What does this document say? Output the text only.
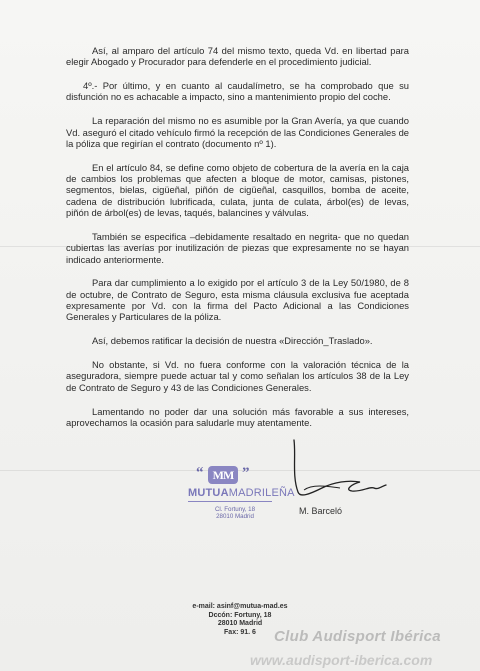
Así, al amparo del artículo 74 del mismo texto, queda Vd. en libertad para elegir Abogado y Procurador para defenderle en el procedimiento judicial.

4º.- Por último, y en cuanto al caudalímetro, se ha comprobado que su disfunción no es achacable a impacto, sino a mantenimiento propio del coche.

La reparación del mismo no es asumible por la Gran Avería, ya que cuando Vd. aseguró el citado vehículo firmó la recepción de las Condiciones Generales de la póliza que regirían el contrato (documento nº 1).

En el artículo 84, se define como objeto de cobertura de la avería en la caja de cambios los problemas que afecten a bloque de motor, camisas, pistones, segmentos, bielas, cigüeñal, piñón de cigüeñal, casquillos, bomba de aceite, cadena de distribución lubrificada, culata, junta de culata, árbol(es) de levas, piñón de árbol(es) de levas, taqués, balancines y válvulas.

También se especifica –debidamente resaltado en negrita- que no quedan cubiertas las averías por inutilización de piezas que expresamente no se hayan indicado anteriormente.

Para dar cumplimiento a lo exigido por el artículo 3 de la Ley 50/1980, de 8 de octubre, de Contrato de Seguro, esta misma cláusula exclusiva fue aceptada expresamente por Vd. con la firma del Pacto Adicional a las Condiciones Generales y Particulares de la póliza.

Así, debemos ratificar la decisión de nuestra «Dirección_Traslado».

No obstante, si Vd. no fuera conforme con la valoración técnica de la aseguradora, siempre puede actuar tal y como señalan los artículos 38 de la Ley de Contrato de Seguro y 43 de las Condiciones Generales.

Lamentando no poder dar una solución más favorable a sus intereses, aprovechamos la ocasión para saludarle muy atentamente.

“ MM ”
MUTUAMADRILEÑA
Cl. Fortuny, 18
28010 Madrid
M. Barceló
e-mail: asinf@mutua-mad.es
Dccón: Fortuny, 18
28010 Madrid
Fax: 91. 6	Club Audisport Ibérica
www.audisport-iberica.com
